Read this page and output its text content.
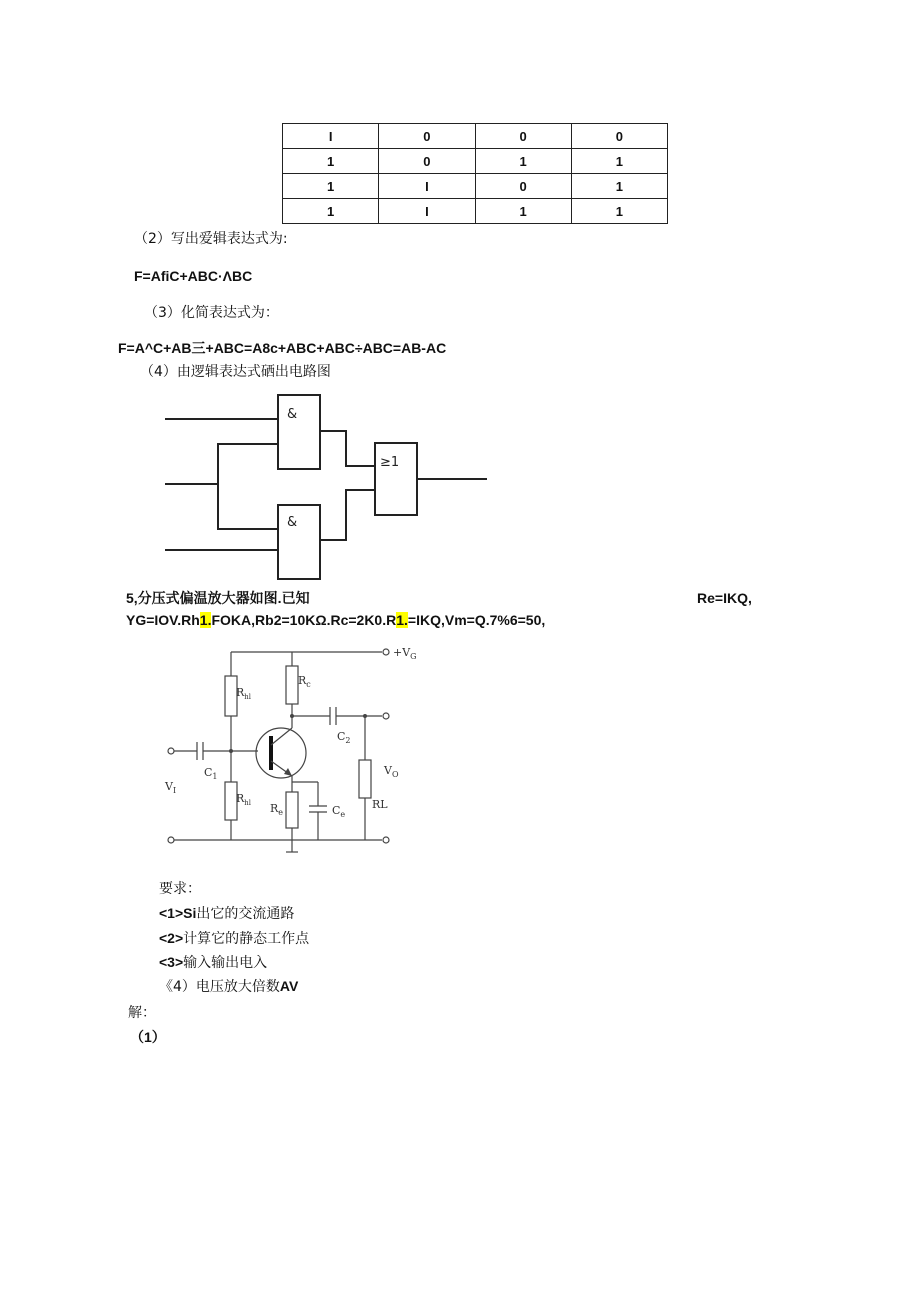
I	0	0	0
1	0	1	1
1	I	0	1
1	I	1	1
（2）写出爱辑表达式为:
F=AfiC+ABC·ΛBC
（3）化简表达式为：
F=A^C+AB三+ABC=A8c+ABC+ABC÷ABC=AB-AC
（4）由逻辑表达式硒出电路图
&
&
≥1
5,分压式偏温放大器如图.已知	Re=IKQ,
YG=IOV.Rh1.FOKA,Rb2=10KΩ.Rc=2K0.R1.=IKQ,Vm=Q.7%6=50,
$+V_G$
$R_{hl}$
$R_{hl}$
$C_1$
$V_I$
$R_c$
$C_2$
RL
$V_O$
$R_e$	$C_e$
要求：
<1>Si出它的交流通路
<2>计算它的静态工作点
<3>输入输出电入
《4）电压放大倍数AV
解：
（1）
